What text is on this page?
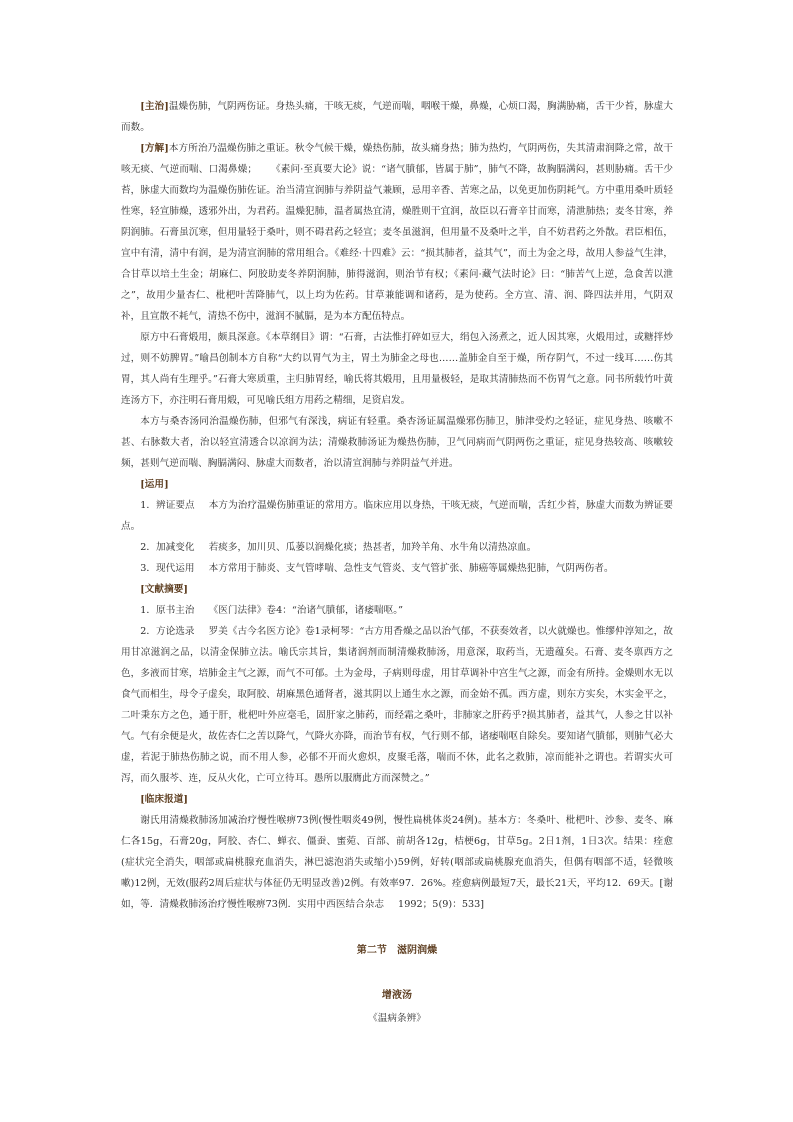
[主治]温燥伤肺，气阴两伤证。身热头痛，干咳无痰，气逆而喘，咽喉干燥，鼻燥，心烦口渴，胸满胁痛，舌干少苔，脉虚大而数。

[方解]本方所治乃温燥伤肺之重证。秋令气候干燥，燥热伤肺，故头痛身热；肺为热灼，气阴两伤，失其清肃润降之常，故干咳无痰、气逆而喘、口渴鼻燥； 《素问·至真要大论》说：“诸气膹郁，皆属于肺”，肺气不降，故胸膈满闷，甚则胁痛。舌干少苔，脉虚大而数均为温燥伤肺佐证。治当清宣润肺与养阴益气兼顾，忌用辛香、苦寒之品，以免更加伤阴耗气。方中重用桑叶质轻性寒，轻宣肺燥，透邪外出，为君药。温燥犯肺，温者属热宜清，燥胜则干宜润，故臣以石膏辛甘而寒，清泄肺热；麦冬甘寒，养阴润肺。石膏虽沉寒，但用量轻于桑叶，则不碍君药之轻宣；麦冬虽滋润，但用量不及桑叶之半，自不妨君药之外散。君臣相伍，宣中有清，清中有润，是为清宣润肺的常用组合。《难经·十四难》云：“损其肺者，益其气”，而土为金之母，故用人参益气生津，合甘草以培土生金；胡麻仁、阿胶助麦冬养阴润肺，肺得滋润，则治节有权；《素问·藏气法时论》曰：“肺苦气上逆，急食苦以泄之”，故用少量杏仁、枇杷叶苦降肺气，以上均为佐药。甘草兼能调和诸药，是为使药。全方宣、清、润、降四法并用，气阴双补，且宣散不耗气，清热不伤中，滋润不腻膈，是为本方配伍特点。

原方中石膏煅用，颇具深意。《本草纲目》谓：“石膏，古法惟打碎如豆大，绢包入汤煮之，近人因其寒，火煅用过，或糖拌炒过，则不妨脾胃。”喻昌创制本方自称“大约以胃气为主，胃土为肺金之母也……盖肺金自至于燥，所存阴气，不过一线耳……伤其胃，其人尚有生理乎。”石膏大寒质重，主归肺胃经，喻氏将其煅用，且用量极轻，是取其清肺热而不伤胃气之意。同书所载竹叶黄连汤方下，亦注明石膏用煅，可见喻氏组方用药之精细，足资启发。

本方与桑杏汤同治温燥伤肺，但邪气有深浅，病证有轻重。桑杏汤证属温燥邪伤肺卫，肺津受灼之轻证，症见身热、咳嗽不甚、右脉数大者，治以轻宣清透合以凉润为法；清燥救肺汤证为燥热伤肺，卫气同病而气阴两伤之重证，症见身热较高、咳嗽较频，甚则气逆而喘、胸膈满闷、脉虚大而数者，治以清宣润肺与养阴益气并进。

[运用]

1．辨证要点 本方为治疗温燥伤肺重证的常用方。临床应用以身热，干咳无痰，气逆而喘，舌红少苔，脉虚大而数为辨证要点。

2．加减变化 若痰多，加川贝、瓜蒌以润燥化痰；热甚者，加羚羊角、水牛角以清热凉血。

3．现代运用 本方常用于肺炎、支气管哮喘、急性支气管炎、支气管扩张、肺癌等属燥热犯肺，气阴两伤者。

[文献摘要]

1．原书主治 《医门法律》卷4：“治诸气膹郁，诸痿喘呕。”

2．方论选录 罗美《古今名医方论》卷1录柯琴：“古方用香燥之品以治气郁，不获奏效者，以火就燥也。惟缪仲淳知之，故用甘凉滋润之品，以清金保肺立法。喻氏宗其旨，集诸润剂而制清燥救肺汤，用意深，取药当，无遗蕴矣。石膏、麦冬禀西方之色，多液而甘寒，培肺金主气之源，而气不可郁。土为金母，子病则母虚，用甘草调补中宫生气之源，而金有所持。金燥则水无以食气而相生，母令子虚矣，取阿胶、胡麻黑色通肾者，滋其阴以上通生水之源，而金始不孤。西方虚，则东方实矣，木实金平之，二叶秉东方之色，通于肝，枇杷叶外应毫毛，固肝家之肺药，而经霜之桑叶，非肺家之肝药乎?损其肺者，益其气，人参之甘以补气。气有余便是火，故佐杏仁之苦以降气，气降火亦降，而治节有权，气行则不郁，诸痿喘呕自除矣。要知诸气膹郁，则肺气必大虚，若泥于肺热伤肺之说，而不用人参，必郁不开而火愈炽，皮聚毛落，喘而不休，此名之救肺，凉而能补之谓也。若谓实火可泻，而久服芩、连，反从火化，亡可立待耳。愚所以服膺此方而深赞之。”

[临床报道]

谢氏用清燥救肺汤加减治疗慢性喉痹73例(慢性咽炎49例，慢性扁桃体炎24例)。基本方：冬桑叶、枇杷叶、沙参、麦冬、麻仁各15g，石膏20g，阿胶、杏仁、蝉衣、僵蚕、蜜菀、百部、前胡各12g，桔梗6g，甘草5g。2日1剂，1日3次。结果：痊愈(症状完全消失，咽部或扁桃腺充血消失，淋巴滤泡消失或缩小)59例，好转(咽部或扁桃腺充血消失，但偶有咽部不适，轻微咳嗽)12例，无效(服药2周后症状与体征仍无明显改善)2例。有效率97．26%。痊愈病例最短7天，最长21天，平均12．69天。[谢如，等．清燥救肺汤治疗慢性喉痹73例．实用中西医结合杂志 1992；5(9)：533]

第二节　滋阴润燥
增液汤
《温病条辨》
